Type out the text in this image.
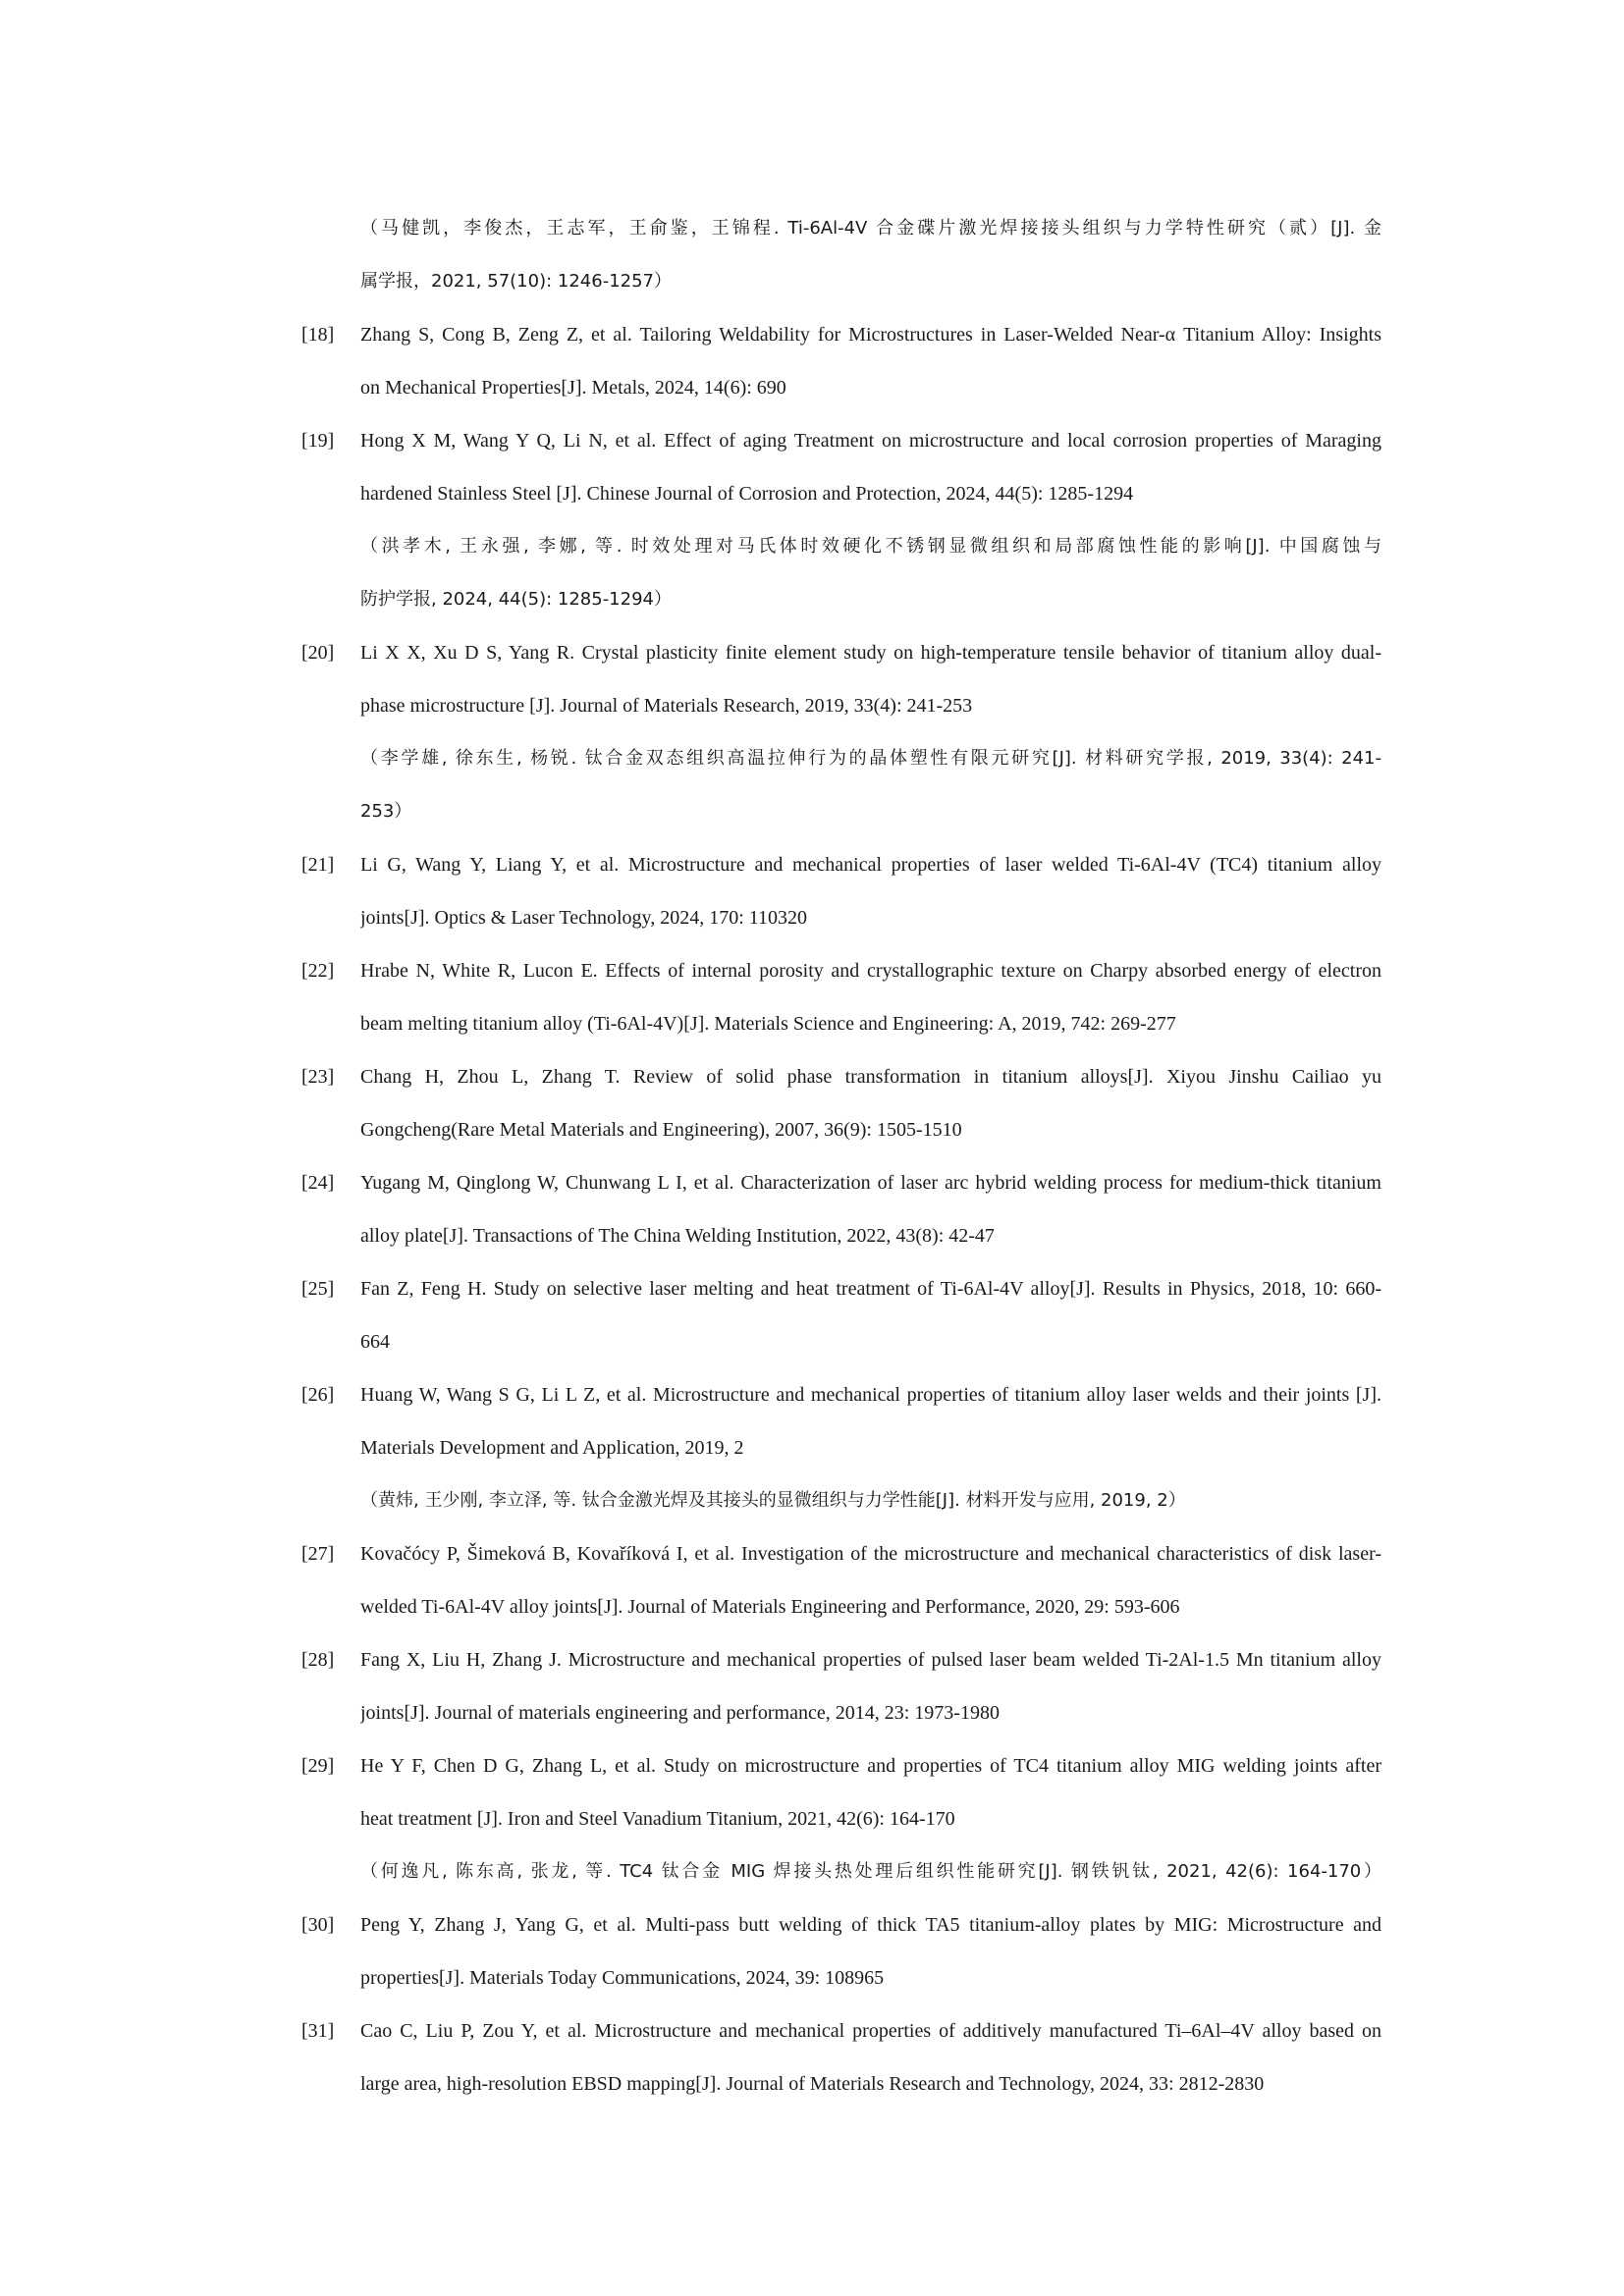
（马健凯，李俊杰，王志军，王俞鉴，王锦程. Ti-6Al-4V 合金碟片激光焊接接头组织与力学特性研究（贰）[J]. 金
属学报，2021, 57(10): 1246-1257）
[18]	Zhang S, Cong B, Zeng Z, et al. Tailoring Weldability for Microstructures in Laser-Welded Near-α Titanium Alloy: Insights
on Mechanical Properties[J]. Metals, 2024, 14(6): 690
[19]	Hong X M, Wang Y Q, Li N, et al. Effect of aging Treatment on microstructure and local corrosion properties of Maraging
hardened Stainless Steel [J]. Chinese Journal of Corrosion and Protection, 2024, 44(5): 1285-1294
（洪孝木, 王永强, 李娜, 等. 时效处理对马氏体时效硬化不锈钢显微组织和局部腐蚀性能的影响[J]. 中国腐蚀与
防护学报, 2024, 44(5): 1285-1294）
[20]	Li X X, Xu D S, Yang R. Crystal plasticity finite element study on high-temperature tensile behavior of titanium alloy dual-
phase microstructure [J]. Journal of Materials Research, 2019, 33(4): 241-253
（李学雄, 徐东生, 杨锐. 钛合金双态组织高温拉伸行为的晶体塑性有限元研究[J]. 材料研究学报, 2019, 33(4): 241-
253）
[21]	Li G, Wang Y, Liang Y, et al. Microstructure and mechanical properties of laser welded Ti-6Al-4V (TC4) titanium alloy
joints[J]. Optics & Laser Technology, 2024, 170: 110320
[22]	Hrabe N, White R, Lucon E. Effects of internal porosity and crystallographic texture on Charpy absorbed energy of electron
beam melting titanium alloy (Ti-6Al-4V)[J]. Materials Science and Engineering: A, 2019, 742: 269-277
[23]	Chang H, Zhou L, Zhang T. Review of solid phase transformation in titanium alloys[J]. Xiyou Jinshu Cailiao yu
Gongcheng(Rare Metal Materials and Engineering), 2007, 36(9): 1505-1510
[24]	Yugang M, Qinglong W, Chunwang L I, et al. Characterization of laser arc hybrid welding process for medium-thick titanium
alloy plate[J]. Transactions of The China Welding Institution, 2022, 43(8): 42-47
[25]	Fan Z, Feng H. Study on selective laser melting and heat treatment of Ti-6Al-4V alloy[J]. Results in Physics, 2018, 10: 660-
664
[26]	Huang W, Wang S G, Li L Z, et al. Microstructure and mechanical properties of titanium alloy laser welds and their joints [J].
Materials Development and Application, 2019, 2
（黄炜, 王少刚, 李立泽, 等. 钛合金激光焊及其接头的显微组织与力学性能[J]. 材料开发与应用, 2019, 2）
[27]	Kovačócy P, Šimeková B, Kovaříková I, et al. Investigation of the microstructure and mechanical characteristics of disk laser-
welded Ti-6Al-4V alloy joints[J]. Journal of Materials Engineering and Performance, 2020, 29: 593-606
[28]	Fang X, Liu H, Zhang J. Microstructure and mechanical properties of pulsed laser beam welded Ti-2Al-1.5 Mn titanium alloy
joints[J]. Journal of materials engineering and performance, 2014, 23: 1973-1980
[29]	He Y F, Chen D G, Zhang L, et al. Study on microstructure and properties of TC4 titanium alloy MIG welding joints after
heat treatment [J]. Iron and Steel Vanadium Titanium, 2021, 42(6): 164-170
（何逸凡, 陈东高, 张龙, 等. TC4 钛合金 MIG 焊接头热处理后组织性能研究[J]. 钢铁钒钛, 2021, 42(6): 164-170）
[30]	Peng Y, Zhang J, Yang G, et al. Multi-pass butt welding of thick TA5 titanium-alloy plates by MIG: Microstructure and
properties[J]. Materials Today Communications, 2024, 39: 108965
[31]	Cao C, Liu P, Zou Y, et al. Microstructure and mechanical properties of additively manufactured Ti–6Al–4V alloy based on
large area, high-resolution EBSD mapping[J]. Journal of Materials Research and Technology, 2024, 33: 2812-2830
